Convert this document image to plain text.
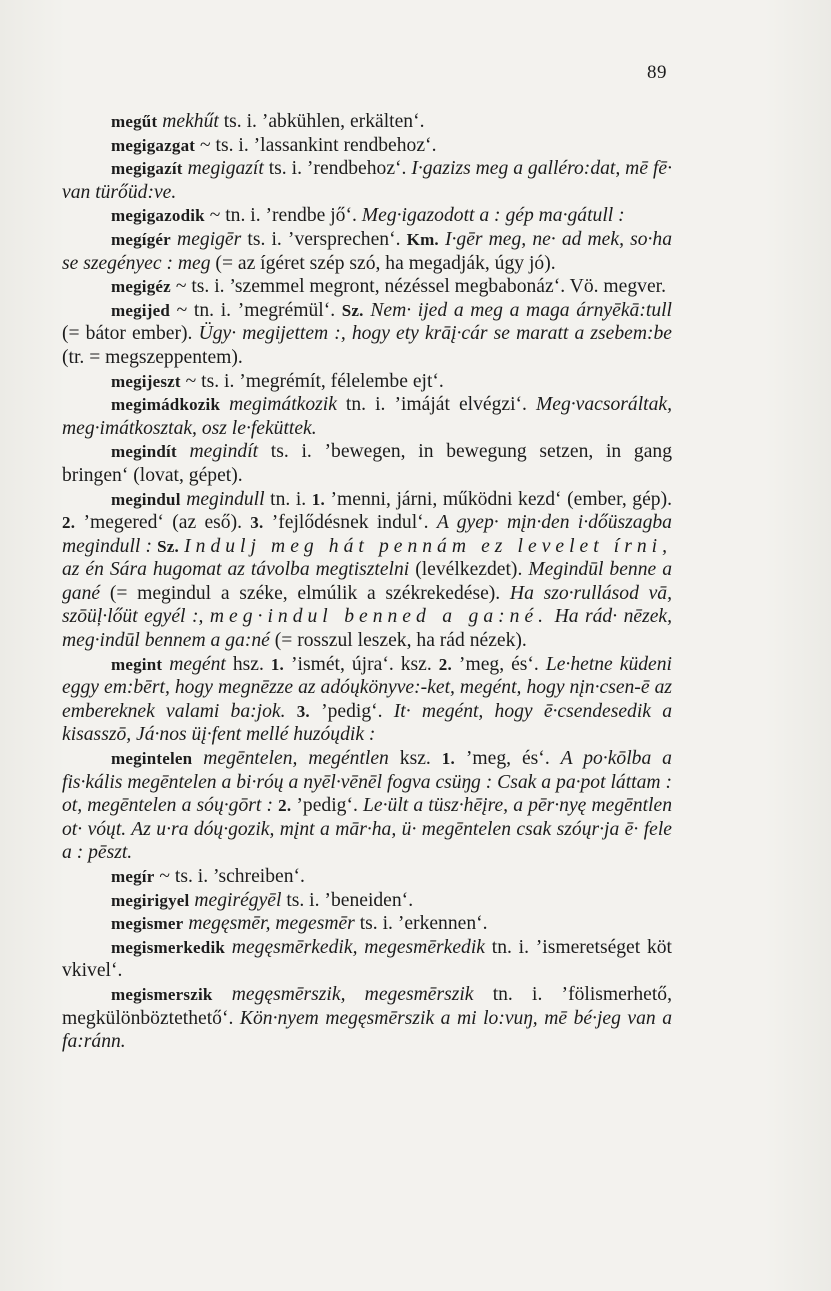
89

megűt mekhűt ts. i. ’abkühlen, erkälten‘.

megigazgat ~ ts. i. ’lassankint rendbehoz‘.

megigazít megigazít ts. i. ’rendbehoz‘. I·gazizs meg a galléro:dat, mē fē· van türőüd:ve.

megigazodik ~ tn. i. ’rendbe jő‘. Meg·igazodott a : gép ma·gátull :

megígér megigēr ts. i. ’versprechen‘. Km. I·gēr meg, ne· ad mek, so·ha se szegényec : meg (= az ígéret szép szó, ha megadják, úgy jó).

megigéz ~ ts. i. ’szemmel megront, nézéssel megbabonáz‘. Vö. megver.

megijed ~ tn. i. ’megrémül‘. Sz. Nem· ijed a meg a maga árnyēkā:tull (= bátor ember). Ügy· megijettem :, hogy ety krāį·cár se maratt a zsebem:be (tr. = megszeppentem).

megijeszt ~ ts. i. ’megrémít, félelembe ejt‘.

megimádkozik megimátkozik tn. i. ’imáját elvégzi‘. Meg·vacsoráltak, meg·imátkosztak, osz le·feküttek.

megindít megindít ts. i. ’bewegen, in bewegung setzen, in gang bringen‘ (lovat, gépet).

megindul megindull tn. i. 1. ’menni, járni, működni kezd‘ (ember, gép). 2. ’megered‘ (az eső). 3. ’fejlődésnek indul‘. A gyep· mįn·den i·dőüszagba megindull : Sz. Indulj meg hát pennám ez levelet írni, az én Sára hugomat az távolba megtisztelni (levélkezdet). Megindūl benne a gané (= megindul a széke, elmúlik a székrekedése). Ha szo·rullásod vā, szōüļ·lőüt egyél :, meg·indul benned a ga:né. Ha rád· nēzek, meg·indūl bennem a ga:né (= rosszul leszek, ha rád nézek).

megint megént hsz. 1. ’ismét, újra‘. ksz. 2. ’meg, és‘. Le·hetne küdeni eggy em:bērt, hogy megnēzze az adóųkönyve:-ket, megént, hogy nįn·csen-ē az embereknek valami ba:jok. 3. ’pedig‘. It· megént, hogy ē·csendesedik a kisasszō, Já·nos üį·fent mellé huzóųdik :

megintelen megēntelen, megéntlen ksz. 1. ’meg, és‘. A po·kōlba a fis·kális megēntelen a bi·róų a nyēl·vēnēl fogva csüŋg : Csak a pa·pot láttam : ot, megēntelen a sóų·gōrt : 2. ’pedig‘. Le·ült a tüsz·hēįre, a pēr·nyę megēntlen ot· vóųt. Az u·ra dóų·gozik, mįnt a mār·ha, ü· megēntelen csak szóųr·ja ē· fele a : pēszt.

megír ~ ts. i. ’schreiben‘.

megirigyel megirégyēl ts. i. ’beneiden‘.

megismer megęsmēr, megesmēr ts. i. ’erkennen‘.

megismerkedik megęsmērkedik, megesmērkedik tn. i. ’ismeretséget köt vkivel‘.

megismerszik megęsmērszik, megesmērszik tn. i. ’fölismerhető, megkülönböztethető‘. Kön·nyem megęsmērszik a mi lo:vuŋ, mē bé·jeg van a fa:ránn.
